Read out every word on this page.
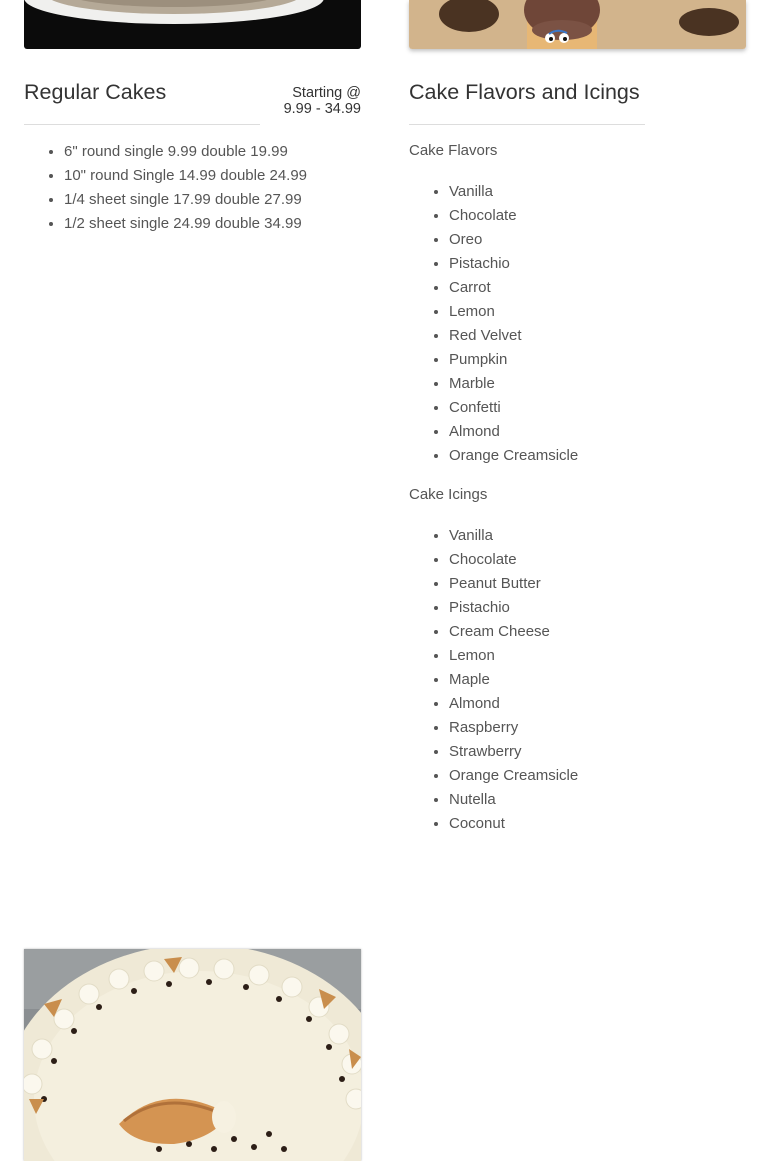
Regular Cakes	Starting @
9.99 - 34.99
• 6" round single 9.99 double 19.99
• 10" round Single 14.99 double 24.99
• 1/4 sheet single 17.99 double 27.99
• 1/2 sheet single 24.99 double 34.99
Cake Flavors and Icings

Cake Flavors

• Vanilla
• Chocolate
• Oreo
• Pistachio
• Carrot
• Lemon
• Red Velvet
• Pumpkin
• Marble
• Confetti
• Almond
• Orange Creamsicle

Cake Icings

• Vanilla
• Chocolate
• Peanut Butter
• Pistachio
• Cream Cheese
• Lemon
• Maple
• Almond
• Raspberry
• Strawberry
• Orange Creamsicle
• Nutella
• Coconut
